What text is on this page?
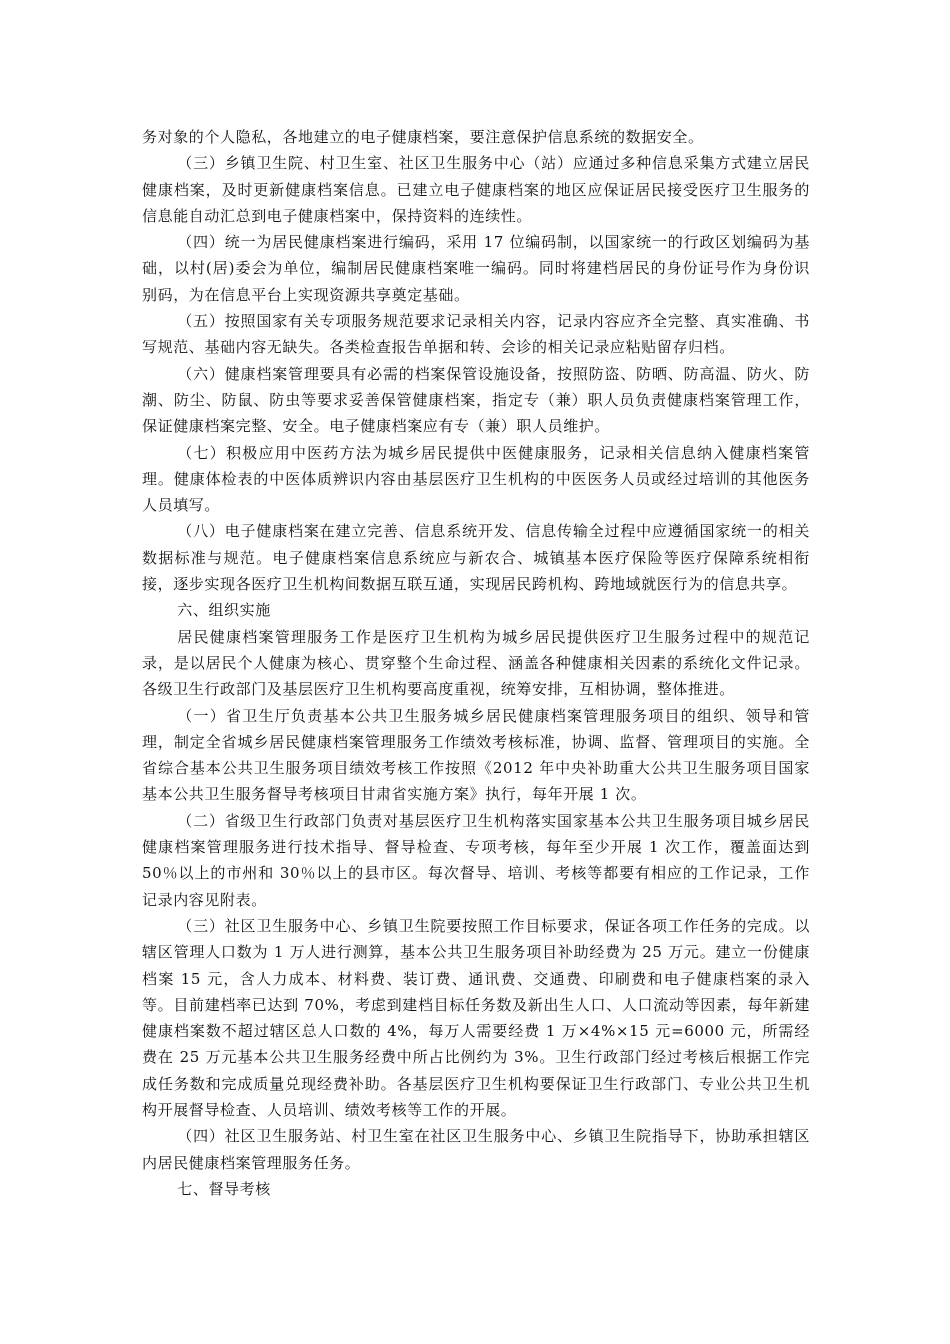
务对象的个人隐私，各地建立的电子健康档案，要注意保护信息系统的数据安全。

（三）乡镇卫生院、村卫生室、社区卫生服务中心（站）应通过多种信息采集方式建立居民健康档案，及时更新健康档案信息。已建立电子健康档案的地区应保证居民接受医疗卫生服务的信息能自动汇总到电子健康档案中，保持资料的连续性。

（四）统一为居民健康档案进行编码，采用 17 位编码制，以国家统一的行政区划编码为基础，以村(居)委会为单位，编制居民健康档案唯一编码。同时将建档居民的身份证号作为身份识别码，为在信息平台上实现资源共享奠定基础。

（五）按照国家有关专项服务规范要求记录相关内容，记录内容应齐全完整、真实准确、书写规范、基础内容无缺失。各类检查报告单据和转、会诊的相关记录应粘贴留存归档。

（六）健康档案管理要具有必需的档案保管设施设备，按照防盗、防晒、防高温、防火、防潮、防尘、防鼠、防虫等要求妥善保管健康档案，指定专（兼）职人员负责健康档案管理工作，保证健康档案完整、安全。电子健康档案应有专（兼）职人员维护。

（七）积极应用中医药方法为城乡居民提供中医健康服务，记录相关信息纳入健康档案管理。健康体检表的中医体质辨识内容由基层医疗卫生机构的中医医务人员或经过培训的其他医务人员填写。

（八）电子健康档案在建立完善、信息系统开发、信息传输全过程中应遵循国家统一的相关数据标准与规范。电子健康档案信息系统应与新农合、城镇基本医疗保险等医疗保障系统相衔接，逐步实现各医疗卫生机构间数据互联互通，实现居民跨机构、跨地域就医行为的信息共享。

六、组织实施

居民健康档案管理服务工作是医疗卫生机构为城乡居民提供医疗卫生服务过程中的规范记录，是以居民个人健康为核心、贯穿整个生命过程、涵盖各种健康相关因素的系统化文件记录。各级卫生行政部门及基层医疗卫生机构要高度重视，统筹安排，互相协调，整体推进。

（一）省卫生厅负责基本公共卫生服务城乡居民健康档案管理服务项目的组织、领导和管理，制定全省城乡居民健康档案管理服务工作绩效考核标准，协调、监督、管理项目的实施。全省综合基本公共卫生服务项目绩效考核工作按照《2012 年中央补助重大公共卫生服务项目国家基本公共卫生服务督导考核项目甘肃省实施方案》执行，每年开展 1 次。

（二）省级卫生行政部门负责对基层医疗卫生机构落实国家基本公共卫生服务项目城乡居民健康档案管理服务进行技术指导、督导检查、专项考核，每年至少开展 1 次工作，覆盖面达到 50％以上的市州和 30％以上的县市区。每次督导、培训、考核等都要有相应的工作记录，工作记录内容见附表。

（三）社区卫生服务中心、乡镇卫生院要按照工作目标要求，保证各项工作任务的完成。以辖区管理人口数为 1 万人进行测算，基本公共卫生服务项目补助经费为 25 万元。建立一份健康档案 15 元，含人力成本、材料费、装订费、通讯费、交通费、印刷费和电子健康档案的录入等。目前建档率已达到 70%，考虑到建档目标任务数及新出生人口、人口流动等因素，每年新建健康档案数不超过辖区总人口数的 4%，每万人需要经费 1 万×4%×15 元=6000 元，所需经费在 25 万元基本公共卫生服务经费中所占比例约为 3%。卫生行政部门经过考核后根据工作完成任务数和完成质量兑现经费补助。各基层医疗卫生机构要保证卫生行政部门、专业公共卫生机构开展督导检查、人员培训、绩效考核等工作的开展。

（四）社区卫生服务站、村卫生室在社区卫生服务中心、乡镇卫生院指导下，协助承担辖区内居民健康档案管理服务任务。

七、督导考核
